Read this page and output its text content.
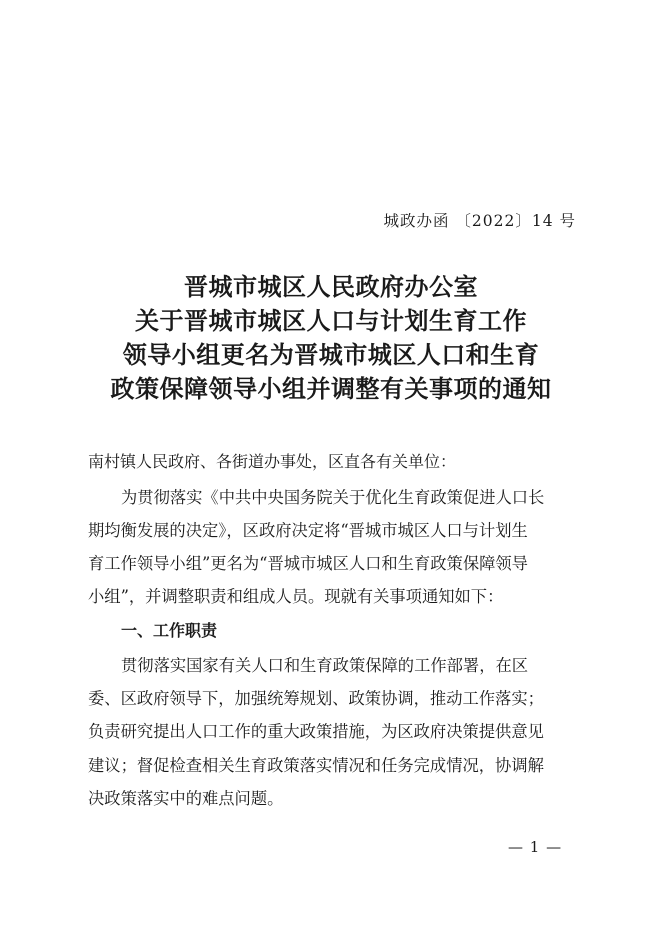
城政办函 〔2022〕14 号
晋城市城区人民政府办公室
关于晋城市城区人口与计划生育工作
领导小组更名为晋城市城区人口和生育
政策保障领导小组并调整有关事项的通知
南村镇人民政府、各街道办事处，区直各有关单位：
为贯彻落实《中共中央国务院关于优化生育政策促进人口长
期均衡发展的决定》，区政府决定将“晋城市城区人口与计划生
育工作领导小组”更名为“晋城市城区人口和生育政策保障领导
小组”，并调整职责和组成人员。现就有关事项通知如下：
一、工作职责
贯彻落实国家有关人口和生育政策保障的工作部署，在区
委、区政府领导下，加强统筹规划、政策协调，推动工作落实；
负责研究提出人口工作的重大政策措施，为区政府决策提供意见
建议；督促检查相关生育政策落实情况和任务完成情况，协调解
决政策落实中的难点问题。
— 1 —
